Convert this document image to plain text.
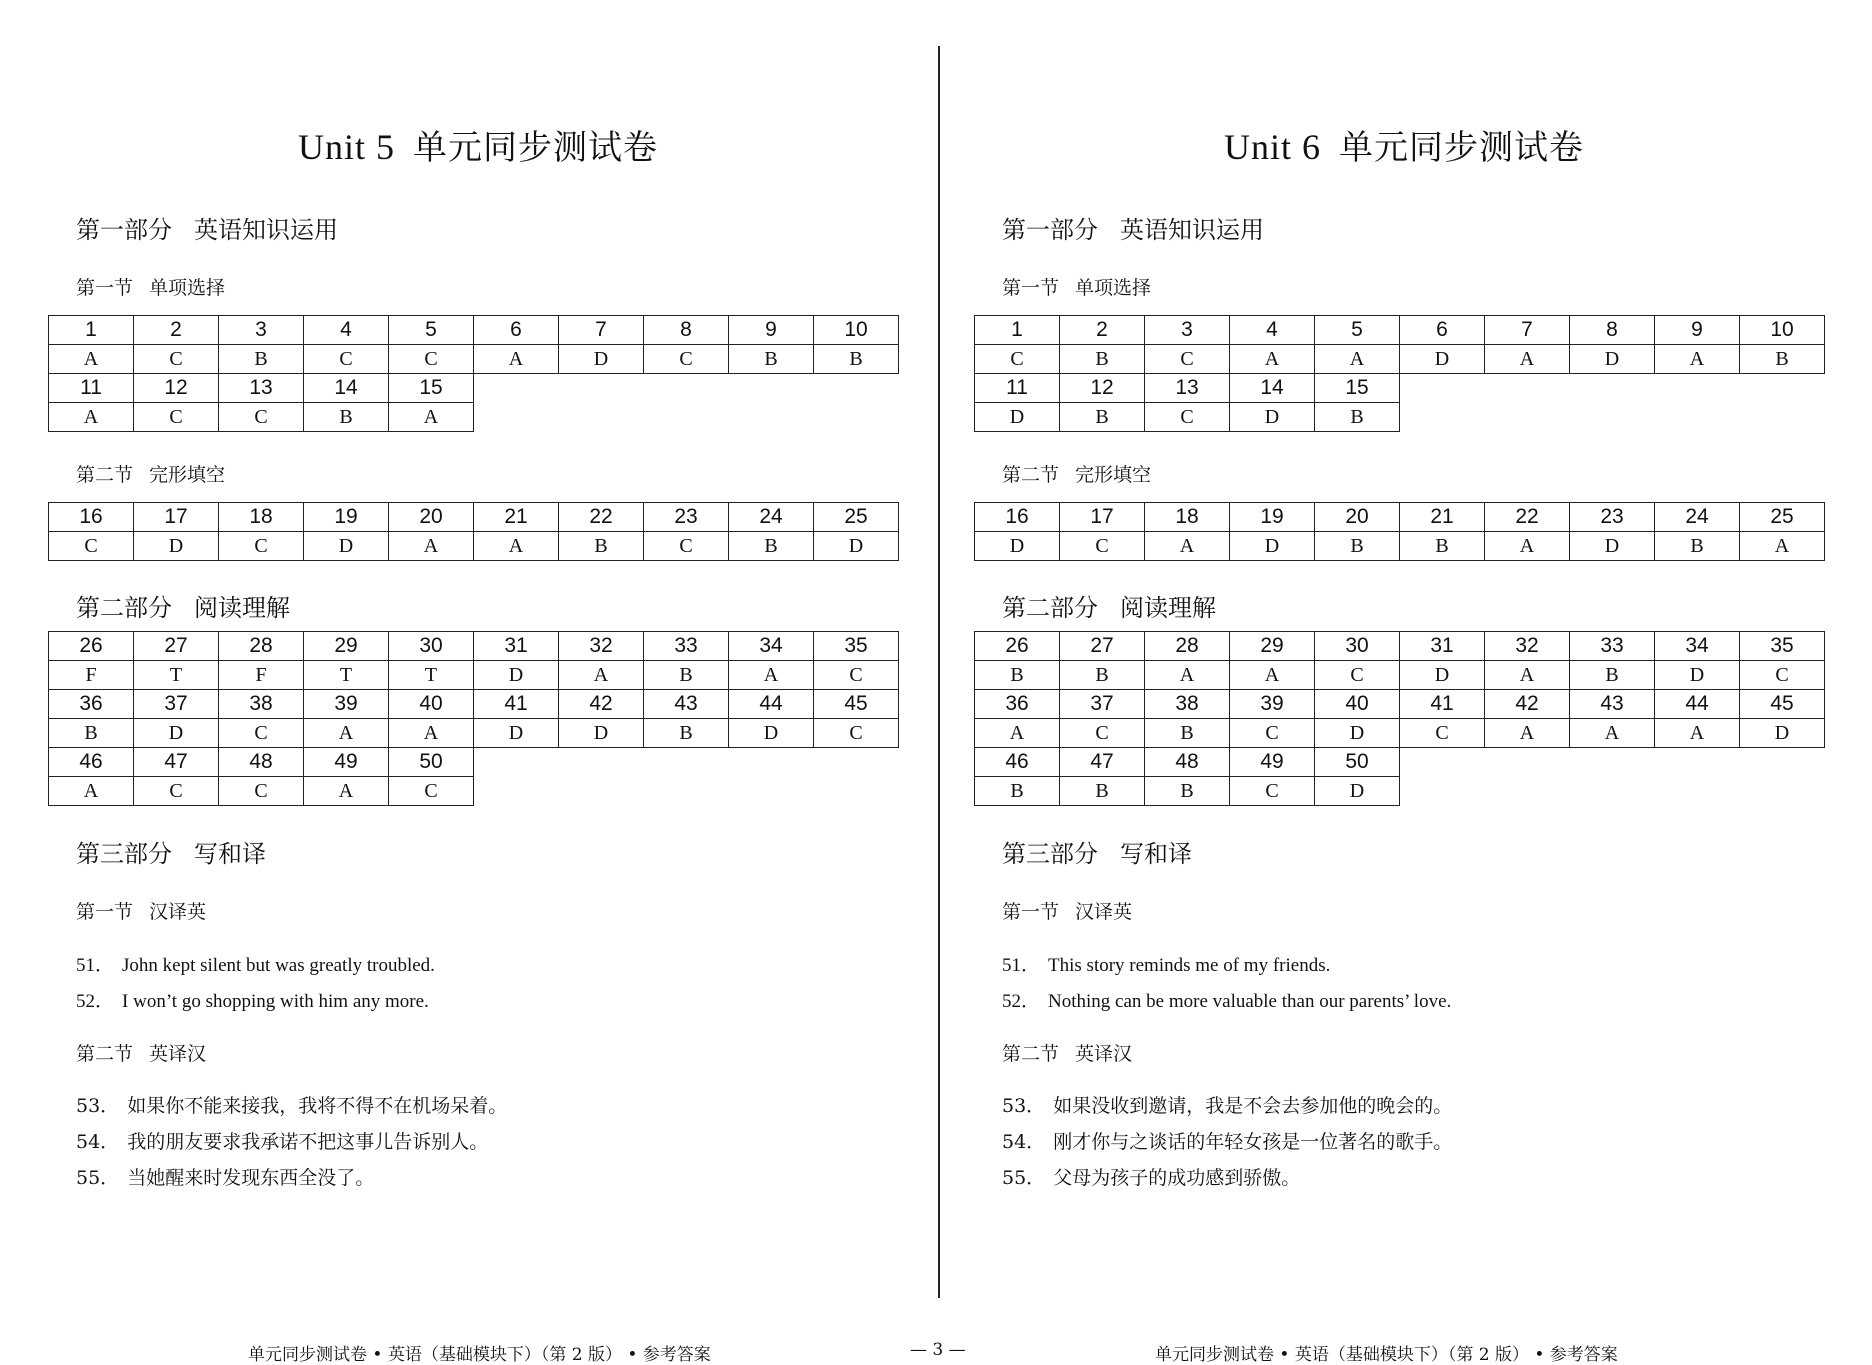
Unit 5 单元同步测试卷
第一部分 英语知识运用
第一节 单项选择
1	2	3	4	5	6	7	8	9	10
A	C	B	C	C	A	D	C	B	B
11	12	13	14	15					
A	C	C	B	A					
第二节 完形填空
16	17	18	19	20	21	22	23	24	25
C	D	C	D	A	A	B	C	B	D
第二部分 阅读理解
26	27	28	29	30	31	32	33	34	35
F	T	F	T	T	D	A	B	A	C
36	37	38	39	40	41	42	43	44	45
B	D	C	A	A	D	D	B	D	C
46	47	48	49	50					
A	C	C	A	C					
第三部分 写和译
第一节 汉译英
51． John kept silent but was greatly troubled.
52． I won’t go shopping with him any more.
第二节 英译汉
53． 如果你不能来接我，我将不得不在机场呆着。
54． 我的朋友要求我承诺不把这事儿告诉别人。
55． 当她醒来时发现东西全没了。
Unit 6 单元同步测试卷
第一部分 英语知识运用
第一节 单项选择
1	2	3	4	5	6	7	8	9	10
C	B	C	A	A	D	A	D	A	B
11	12	13	14	15					
D	B	C	D	B					
第二节 完形填空
16	17	18	19	20	21	22	23	24	25
D	C	A	D	B	B	A	D	B	A
第二部分 阅读理解
26	27	28	29	30	31	32	33	34	35
B	B	A	A	C	D	A	B	D	C
36	37	38	39	40	41	42	43	44	45
A	C	B	C	D	C	A	A	A	D
46	47	48	49	50					
B	B	B	C	D					
第三部分 写和译
第一节 汉译英
51． This story reminds me of my friends.
52． Nothing can be more valuable than our parents’ love.
第二节 英译汉
53． 如果没收到邀请，我是不会去参加他的晚会的。
54． 刚才你与之谈话的年轻女孩是一位著名的歌手。
55． 父母为孩子的成功感到骄傲。
单元同步测试卷 • 英语（基础模块下）（第 2 版） • 参考答案	— 3 —	单元同步测试卷 • 英语（基础模块下）（第 2 版） • 参考答案
